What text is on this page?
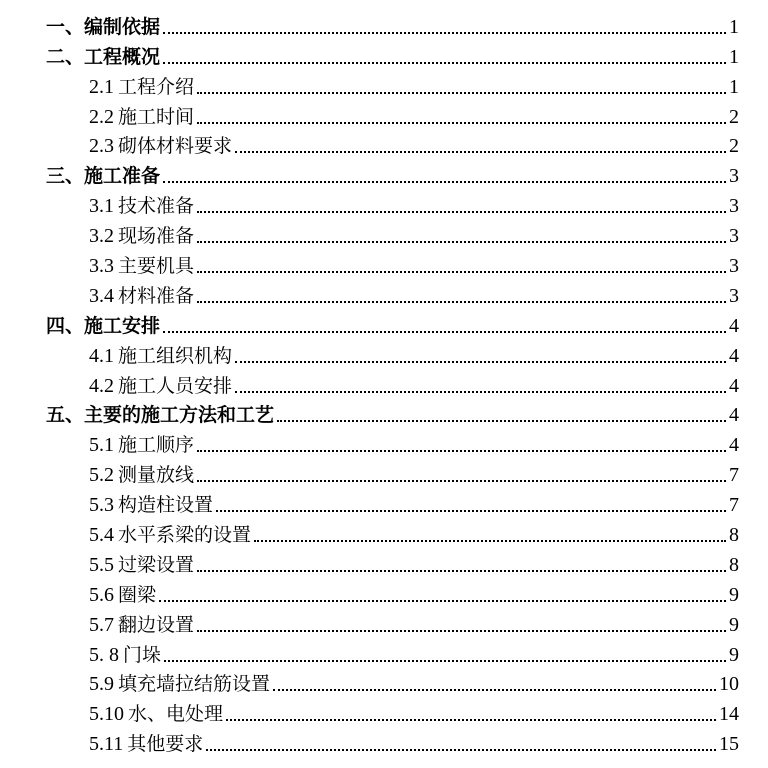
一、编制依据	1
二、工程概况	1
2.1 工程介绍	1
2.2 施工时间	2
2.3 砌体材料要求	2
三、施工准备	3
3.1 技术准备	3
3.2 现场准备	3
3.3 主要机具	3
3.4 材料准备	3
四、施工安排	4
4.1 施工组织机构	4
4.2 施工人员安排	4
五、主要的施工方法和工艺	4
5.1 施工顺序	4
5.2 测量放线	7
5.3 构造柱设置	7
5.4 水平系梁的设置	8
5.5 过梁设置	8
5.6 圈梁	9
5.7 翻边设置	9
5. 8 门垛	9
5.9 填充墙拉结筋设置	10
5.10 水、电处理	14
5.11 其他要求	15
